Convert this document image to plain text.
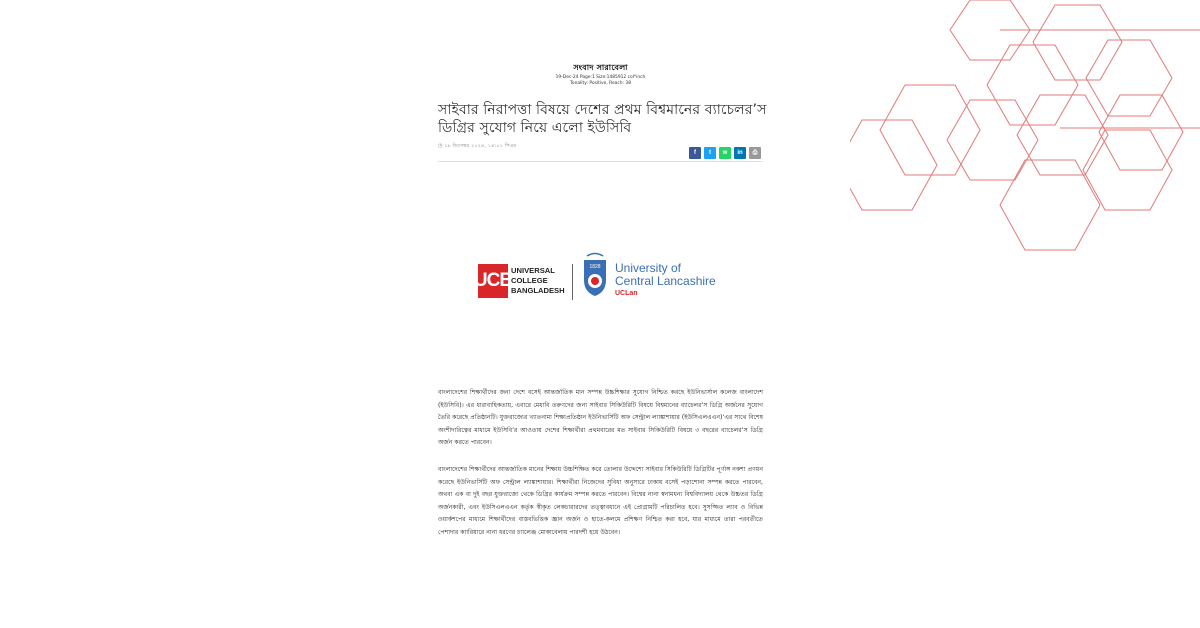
সংবাদ সারাবেলা
19-Dec-24 Page:1 Size:1485912 col*inch
Tonality: Positive, Reach: 38
সাইবার নিরাপত্তা বিষয়ে দেশের প্রথম বিশ্বমানের ব্যাচেলর’স
ডিগ্রির সুযোগ নিয়ে এলো ইউসিবি
◷ ১৮ ডিসেম্বর ২০২৪, ১৪:০১ পিএম
f	t	w	in	⎙
UCB
UNIVERSAL
COLLEGE
BANGLADESH
1828 University of
Central Lancashire
UCLan

বাংলাদেশের শিক্ষার্থীদের জন্য দেশে বসেই আন্তর্জাতিক মান সম্পন্ন উচ্চশিক্ষার সুযোগ নিশ্চিত করছে ইউনিভার্সাল কলেজ বাংলাদেশ (ইউসিবি)। এর ধারাবাহিকতায়, এবারে মেধাবি তরুণদের জন্য সাইবার সিকিউরিটি বিষয়ে বিশ্বমানের ব্যাচেলর’স ডিগ্রি অর্জনের সুযোগ তৈরি করেছে প্রতিষ্ঠানটি। যুক্তরাজ্যের খ্যাতনামা শিক্ষাপ্রতিষ্ঠান ইউনিভার্সিটি অফ সেন্ট্রাল ল্যাঙ্কাশায়ার (ইউসিএলএএন)’এর সাথে বিশেষ অংশীদারিত্বের মাধ্যমে ইউসিবি’র আওতায় দেশের শিক্ষার্থীরা প্রথমবারের মত সাইবার সিকিউরিটি বিষয়ে ৩ বছরের ব্যাচেলর’স ডিগ্রি অর্জন করতে পারবেন।

বাংলাদেশের শিক্ষার্থীদের আন্তর্জাতিক মানের শিক্ষায় উচ্চশিক্ষিত করে তোলার উদ্দেশ্যে সাইবার সিকিউরিটি ডিগ্রিটির পূর্ণাঙ্গ নকশা প্রণয়ন করেছে ইউনিভার্সিটি অফ সেন্ট্রাল ল্যাঙ্কাশায়ার। শিক্ষার্থীরা নিজেদের সুবিধা অনুসারে ঢাকায় বসেই পড়াশোনা সম্পন্ন করতে পারবেন, অথবা এক বা দুই বছর যুক্তরাজ্যে থেকে ডিগ্রির কার্যক্রম সম্পন্ন করতে পারবেন। বিশ্বের নানা স্বনামধন্য বিশ্ববিদ্যালয় থেকে উচ্চতর ডিগ্রি অর্জনকারী, এবং ইউসিএলএএন কর্তৃক স্বীকৃত লেকচারারদের তত্ত্বাবধানে এই প্রোগ্রামটি পরিচালিত হবে। সুসজ্জিত ল্যাব ও বিভিন্ন ওয়ার্কশপের মাধ্যমে শিক্ষার্থীদের বাস্তবভিত্তিক জ্ঞান অর্জন ও হাতে-কলমে প্রশিক্ষণ নিশ্চিত করা হবে, যার মাধ্যমে তারা পরবর্তীতে পেশাদার ক্যারিয়ারে নানা ধরণের চ্যালেঞ্জ মোকাবেলায় পারদর্শী হয়ে উঠবেন।
